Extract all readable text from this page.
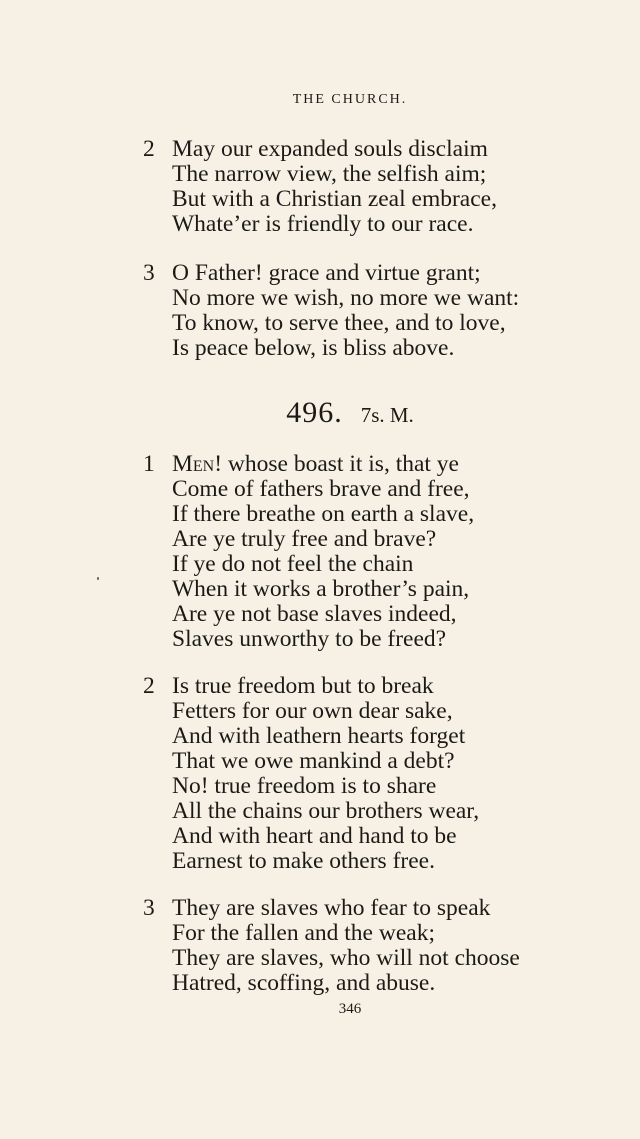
THE CHURCH.
2 May our expanded souls disclaim
The narrow view, the selfish aim;
But with a Christian zeal embrace,
Whate’er is friendly to our race.
3 O Father! grace and virtue grant;
No more we wish, no more we want:
To know, to serve thee, and to love,
Is peace below, is bliss above.
496. 7s. M.
1 Men! whose boast it is, that ye
Come of fathers brave and free,
If there breathe on earth a slave,
Are ye truly free and brave?
If ye do not feel the chain
When it works a brother’s pain,
Are ye not base slaves indeed,
Slaves unworthy to be freed?
2 Is true freedom but to break
Fetters for our own dear sake,
And with leathern hearts forget
That we owe mankind a debt?
No! true freedom is to share
All the chains our brothers wear,
And with heart and hand to be
Earnest to make others free.
3 They are slaves who fear to speak
For the fallen and the weak;
They are slaves, who will not choose
Hatred, scoffing, and abuse.
346
